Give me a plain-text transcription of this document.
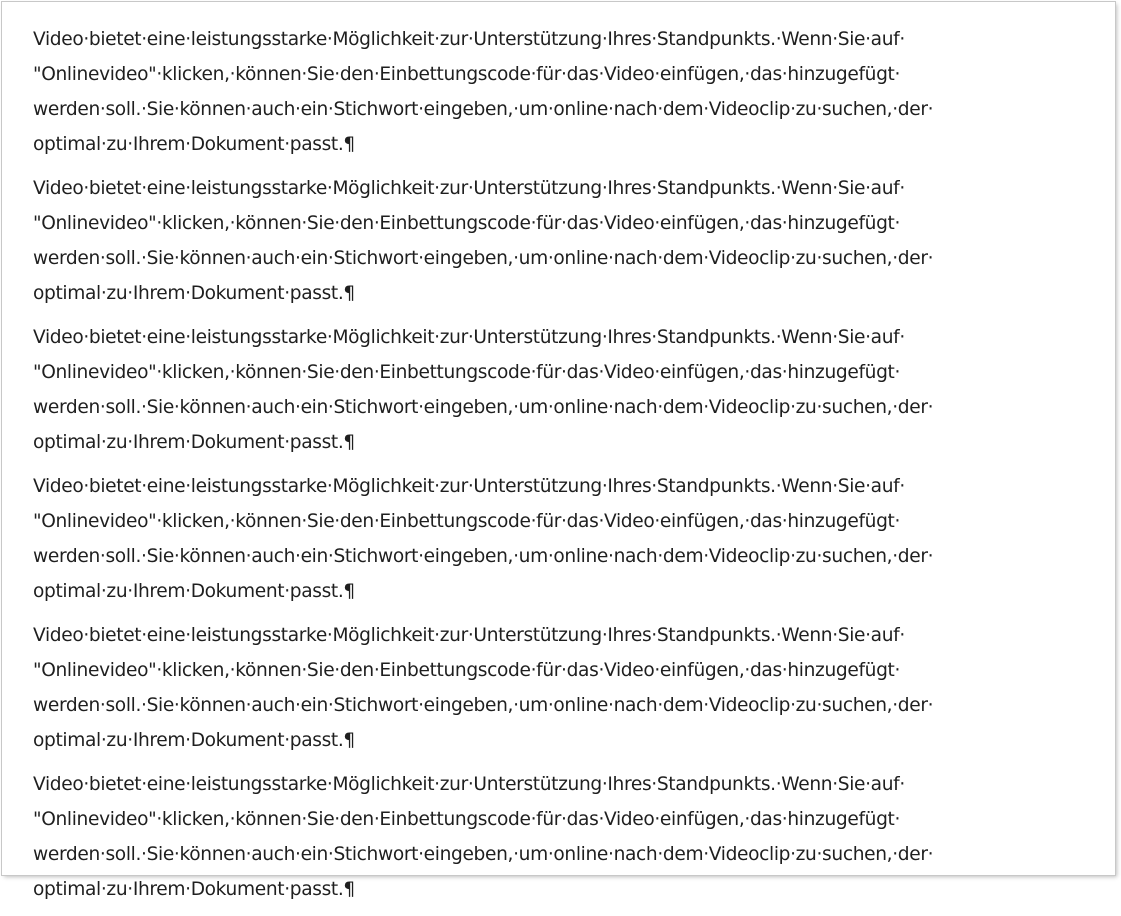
Video·bietet·eine·leistungsstarke·Möglichkeit·zur·Unterstützung·Ihres·Standpunkts.·Wenn·Sie·auf·
"Onlinevideo"·klicken,·können·Sie·den·Einbettungscode·für·das·Video·einfügen,·das·hinzugefügt·
werden·soll.·Sie·können·auch·ein·Stichwort·eingeben,·um·online·nach·dem·Videoclip·zu·suchen,·der·
optimal·zu·Ihrem·Dokument·passt.¶

Video·bietet·eine·leistungsstarke·Möglichkeit·zur·Unterstützung·Ihres·Standpunkts.·Wenn·Sie·auf·
"Onlinevideo"·klicken,·können·Sie·den·Einbettungscode·für·das·Video·einfügen,·das·hinzugefügt·
werden·soll.·Sie·können·auch·ein·Stichwort·eingeben,·um·online·nach·dem·Videoclip·zu·suchen,·der·
optimal·zu·Ihrem·Dokument·passt.¶

Video·bietet·eine·leistungsstarke·Möglichkeit·zur·Unterstützung·Ihres·Standpunkts.·Wenn·Sie·auf·
"Onlinevideo"·klicken,·können·Sie·den·Einbettungscode·für·das·Video·einfügen,·das·hinzugefügt·
werden·soll.·Sie·können·auch·ein·Stichwort·eingeben,·um·online·nach·dem·Videoclip·zu·suchen,·der·
optimal·zu·Ihrem·Dokument·passt.¶

Video·bietet·eine·leistungsstarke·Möglichkeit·zur·Unterstützung·Ihres·Standpunkts.·Wenn·Sie·auf·
"Onlinevideo"·klicken,·können·Sie·den·Einbettungscode·für·das·Video·einfügen,·das·hinzugefügt·
werden·soll.·Sie·können·auch·ein·Stichwort·eingeben,·um·online·nach·dem·Videoclip·zu·suchen,·der·
optimal·zu·Ihrem·Dokument·passt.¶

Video·bietet·eine·leistungsstarke·Möglichkeit·zur·Unterstützung·Ihres·Standpunkts.·Wenn·Sie·auf·
"Onlinevideo"·klicken,·können·Sie·den·Einbettungscode·für·das·Video·einfügen,·das·hinzugefügt·
werden·soll.·Sie·können·auch·ein·Stichwort·eingeben,·um·online·nach·dem·Videoclip·zu·suchen,·der·
optimal·zu·Ihrem·Dokument·passt.¶

Video·bietet·eine·leistungsstarke·Möglichkeit·zur·Unterstützung·Ihres·Standpunkts.·Wenn·Sie·auf·
"Onlinevideo"·klicken,·können·Sie·den·Einbettungscode·für·das·Video·einfügen,·das·hinzugefügt·
werden·soll.·Sie·können·auch·ein·Stichwort·eingeben,·um·online·nach·dem·Videoclip·zu·suchen,·der·
optimal·zu·Ihrem·Dokument·passt.¶
